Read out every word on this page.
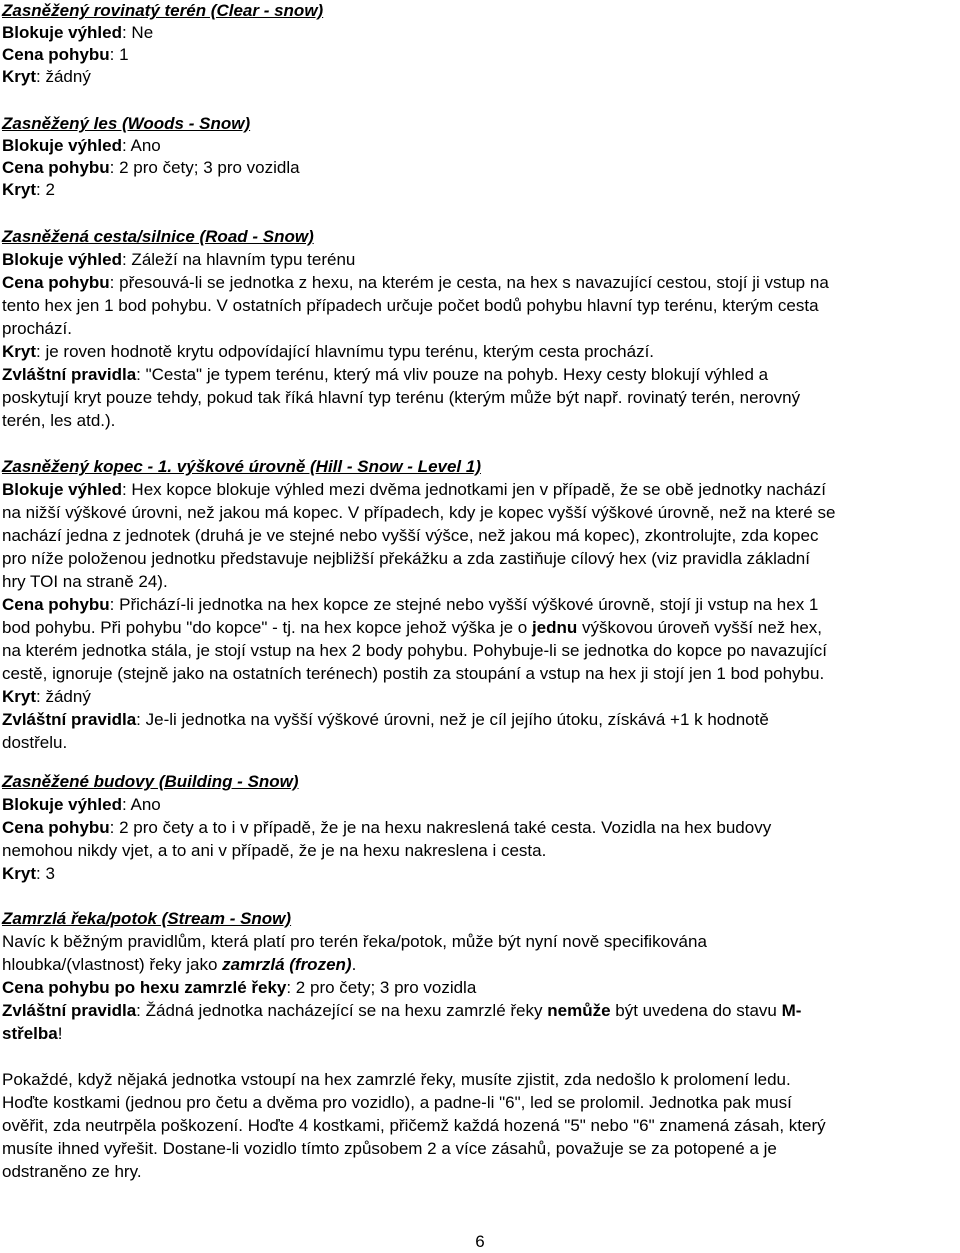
Zasněžený rovinatý terén (Clear - snow)
Blokuje výhled: Ne
Cena pohybu: 1
Kryt: žádný
Zasněžený les (Woods - Snow)
Blokuje výhled: Ano
Cena pohybu: 2 pro čety; 3 pro vozidla
Kryt: 2
Zasněžená cesta/silnice (Road - Snow)
Blokuje výhled: Záleží na hlavním typu terénu
Cena pohybu: přesouvá-li se jednotka z hexu, na kterém je cesta, na hex s navazující cestou, stojí ji vstup na
tento hex jen 1 bod pohybu. V ostatních případech určuje počet bodů pohybu hlavní typ terénu, kterým cesta
prochází.
Kryt: je roven hodnotě krytu odpovídající hlavnímu typu terénu, kterým cesta prochází.
Zvláštní pravidla: "Cesta" je typem terénu, který má vliv pouze na pohyb. Hexy cesty blokují výhled a
poskytují kryt pouze tehdy, pokud tak říká hlavní typ terénu (kterým může být např. rovinatý terén, nerovný
terén, les atd.).
Zasněžený kopec - 1. výškové úrovně (Hill - Snow - Level 1)
Blokuje výhled: Hex kopce blokuje výhled mezi dvěma jednotkami jen v případě, že se obě jednotky nachází
na nižší výškové úrovni, než jakou má kopec. V případech, kdy je kopec vyšší výškové úrovně, než na které se
nachází jedna z jednotek (druhá je ve stejné nebo vyšší výšce, než jakou má kopec), zkontrolujte, zda kopec
pro níže položenou jednotku představuje nejbližší překážku a zda zastiňuje cílový hex (viz pravidla základní
hry TOI na straně 24).
Cena pohybu: Přichází-li jednotka na hex kopce ze stejné nebo vyšší výškové úrovně, stojí ji vstup na hex 1
bod pohybu. Při pohybu "do kopce" - tj. na hex kopce jehož výška je o jednu výškovou úroveň vyšší než hex,
na kterém jednotka stála, je stojí vstup na hex 2 body pohybu. Pohybuje-li se jednotka do kopce po navazující
cestě, ignoruje (stejně jako na ostatních terénech) postih za stoupání a vstup na hex ji stojí jen 1 bod pohybu.
Kryt: žádný
Zvláštní pravidla: Je-li jednotka na vyšší výškové úrovni, než je cíl jejího útoku, získává +1 k hodnotě
dostřelu.
Zasněžené budovy (Building - Snow)
Blokuje výhled: Ano
Cena pohybu: 2 pro čety a to i v případě, že je na hexu nakreslená také cesta. Vozidla na hex budovy
nemohou nikdy vjet, a to ani v případě, že je na hexu nakreslena i cesta.
Kryt: 3
Zamrzlá řeka/potok (Stream - Snow)
Navíc k běžným pravidlům, která platí pro terén řeka/potok, může být nyní nově specifikována
hloubka/(vlastnost) řeky jako zamrzlá (frozen).
Cena pohybu po hexu zamrzlé řeky: 2 pro čety; 3 pro vozidla
Zvláštní pravidla: Žádná jednotka nacházející se na hexu zamrzlé řeky nemůže být uvedena do stavu M-
střelba!
Pokaždé, když nějaká jednotka vstoupí na hex zamrzlé řeky, musíte zjistit, zda nedošlo k prolomení ledu.
Hoďte kostkami (jednou pro četu a dvěma pro vozidlo), a padne-li "6", led se prolomil. Jednotka pak musí
ověřit, zda neutrpěla poškození. Hoďte 4 kostkami, přičemž každá hozená "5" nebo "6" znamená zásah, který
musíte ihned vyřešit. Dostane-li vozidlo tímto způsobem 2 a více zásahů, považuje se za potopené a je
odstraněno ze hry.
6
